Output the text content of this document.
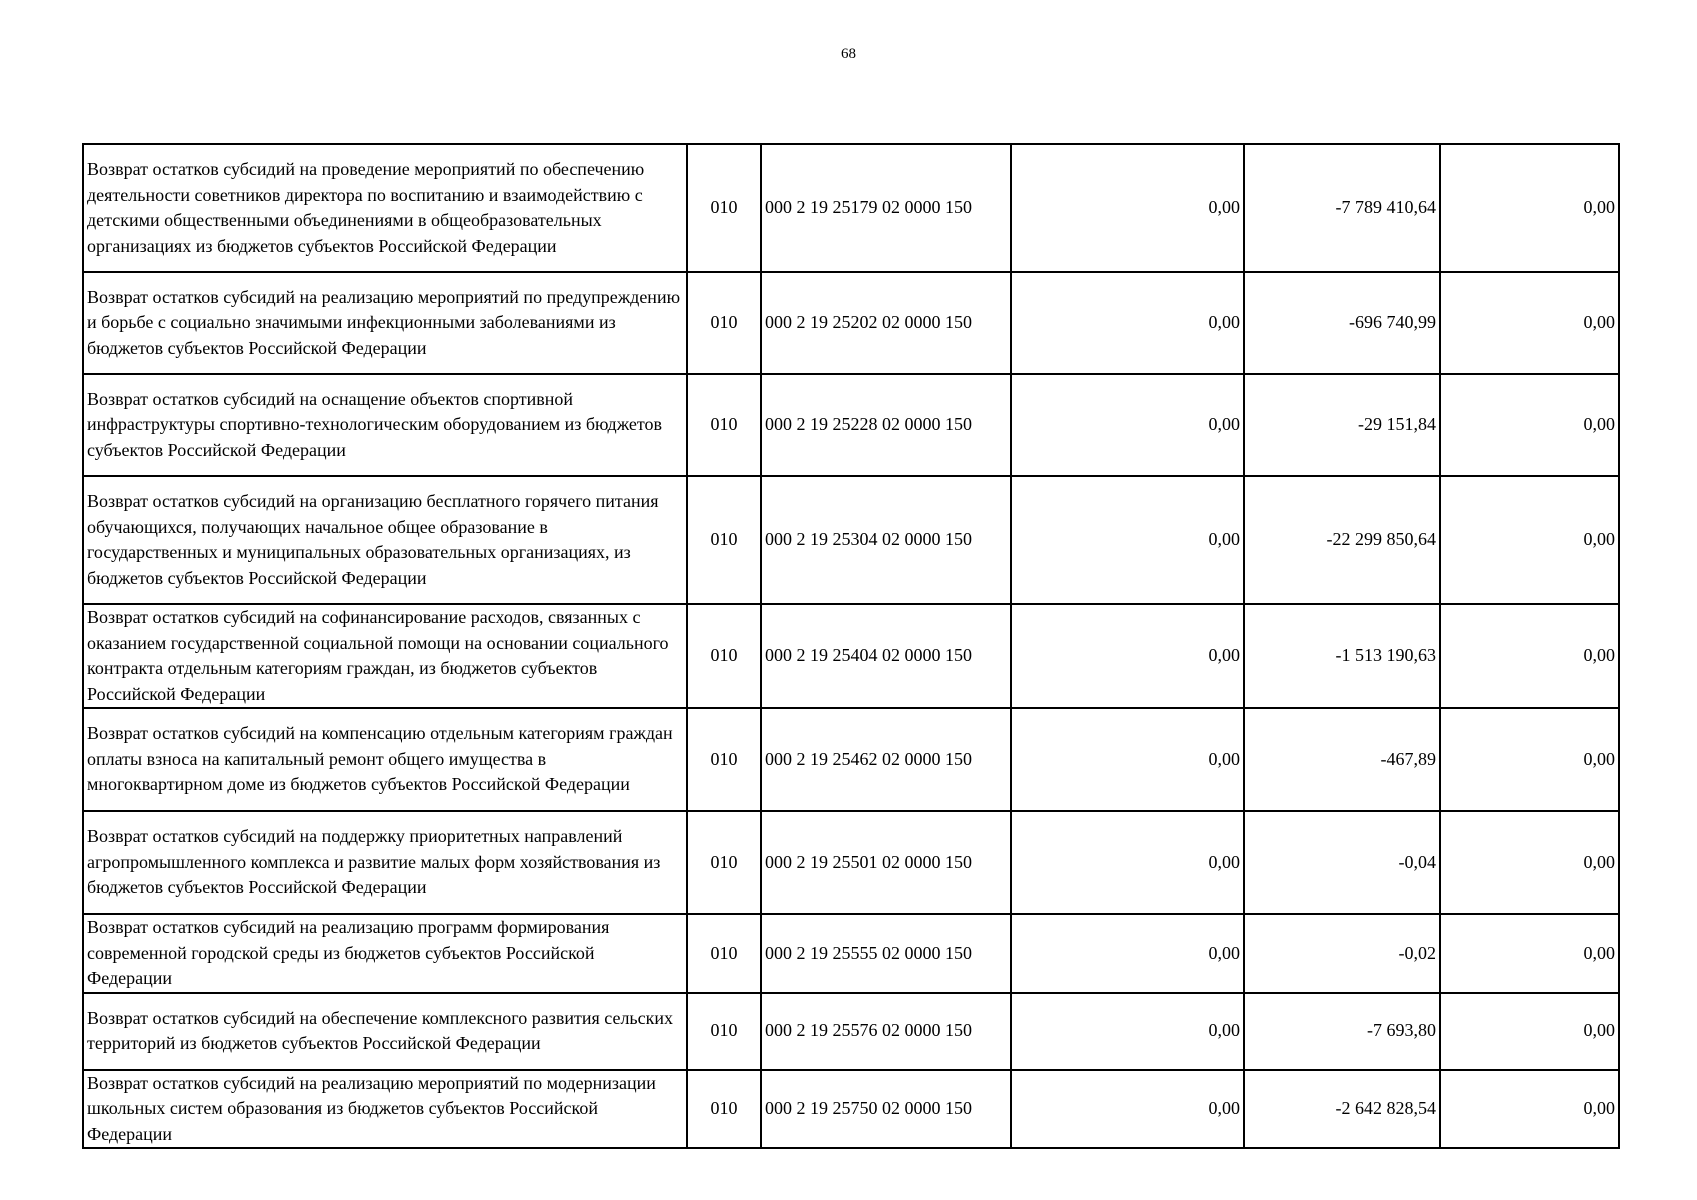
68
Возврат остатков субсидий на проведение мероприятий по обеспечению деятельности советников директора по воспитанию и взаимодействию с детскими общественными объединениями в общеобразовательных организациях из бюджетов субъектов Российской Федерации	010	000 2 19 25179 02 0000 150	0,00	-7 789 410,64	0,00
Возврат остатков субсидий на реализацию мероприятий по предупреждению и борьбе с социально значимыми инфекционными заболеваниями из бюджетов субъектов Российской Федерации	010	000 2 19 25202 02 0000 150	0,00	-696 740,99	0,00
Возврат остатков субсидий на оснащение объектов спортивной инфраструктуры спортивно-технологическим оборудованием из бюджетов субъектов Российской Федерации	010	000 2 19 25228 02 0000 150	0,00	-29 151,84	0,00
Возврат остатков субсидий на организацию бесплатного горячего питания обучающихся, получающих начальное общее образование в государственных и муниципальных образовательных организациях, из бюджетов субъектов Российской Федерации	010	000 2 19 25304 02 0000 150	0,00	-22 299 850,64	0,00
Возврат остатков субсидий на софинансирование расходов, связанных с оказанием государственной социальной помощи на основании социального контракта отдельным категориям граждан, из бюджетов субъектов Российской Федерации	010	000 2 19 25404 02 0000 150	0,00	-1 513 190,63	0,00
Возврат остатков субсидий на компенсацию отдельным категориям граждан оплаты взноса на капитальный ремонт общего имущества в многоквартирном доме из бюджетов субъектов Российской Федерации	010	000 2 19 25462 02 0000 150	0,00	-467,89	0,00
Возврат остатков субсидий на поддержку приоритетных направлений агропромышленного комплекса и развитие малых форм хозяйствования из бюджетов субъектов Российской Федерации	010	000 2 19 25501 02 0000 150	0,00	-0,04	0,00
Возврат остатков субсидий на реализацию программ формирования современной городской среды из бюджетов субъектов Российской Федерации	010	000 2 19 25555 02 0000 150	0,00	-0,02	0,00
Возврат остатков субсидий на обеспечение комплексного развития сельских территорий из бюджетов субъектов Российской Федерации	010	000 2 19 25576 02 0000 150	0,00	-7 693,80	0,00
Возврат остатков субсидий на реализацию мероприятий по модернизации школьных систем образования из бюджетов субъектов Российской Федерации	010	000 2 19 25750 02 0000 150	0,00	-2 642 828,54	0,00
